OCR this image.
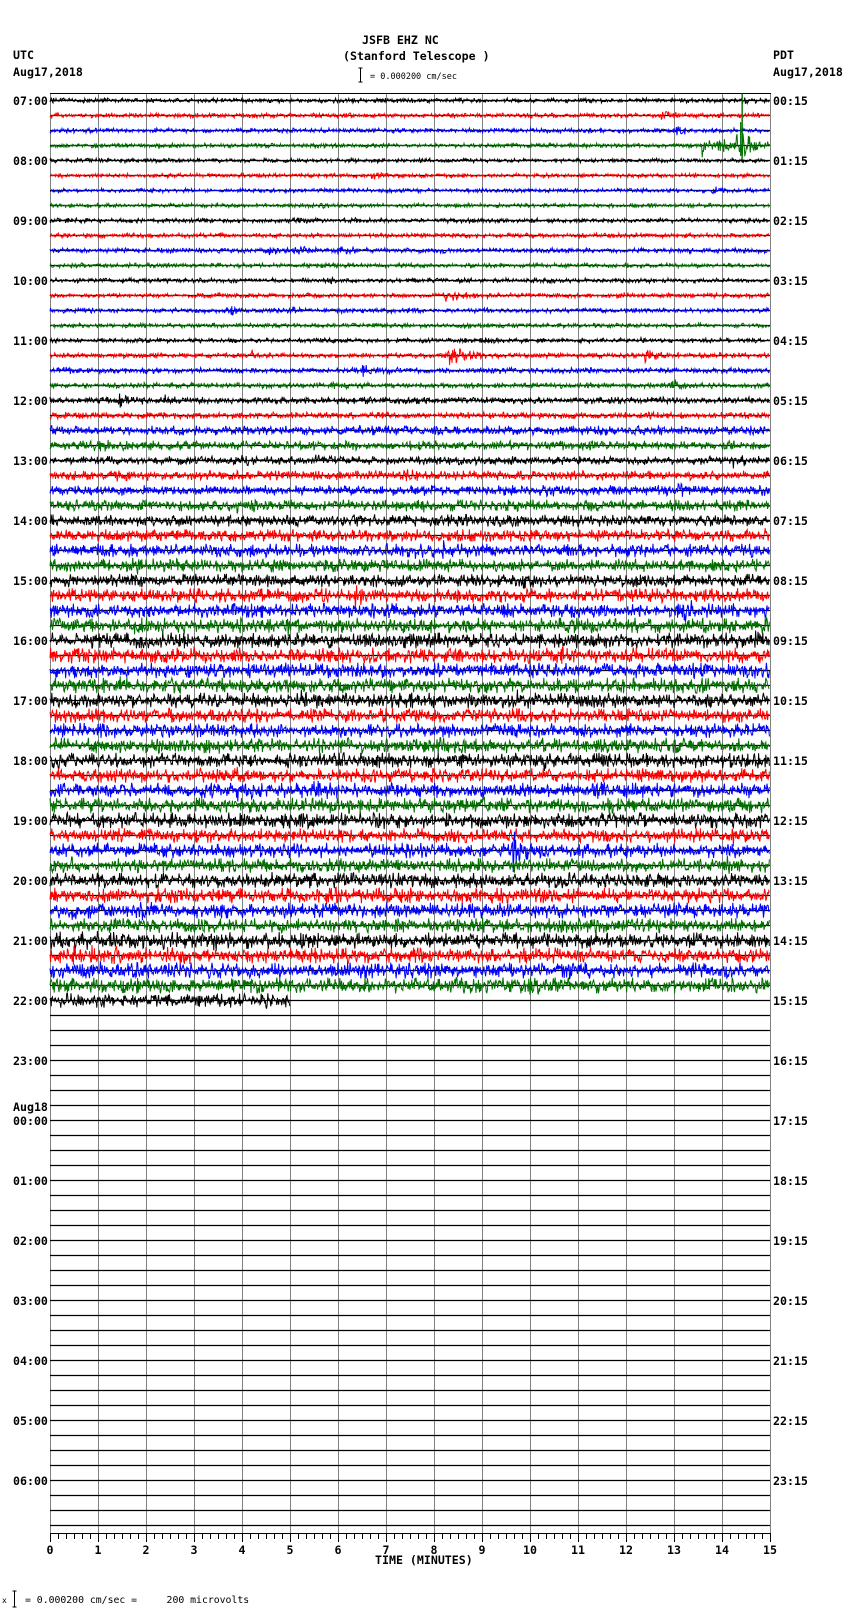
JSFB EHZ NC
(Stanford Telescope )
= 0.000200 cm/sec
UTC
Aug17,2018
PDT
Aug17,2018
07:00
08:00
09:00
10:00
11:00
12:00
13:00
14:00
15:00
16:00
17:00
18:00
19:00
20:00
21:00
22:00
23:00
Aug18
00:00
01:00
02:00
03:00
04:00
05:00
06:00
00:15
01:15
02:15
03:15
04:15
05:15
06:15
07:15
08:15
09:15
10:15
11:15
12:15
13:15
14:15
15:15
16:15
17:15
18:15
19:15
20:15
21:15
22:15
23:15
0	1	2	3	4	5	6	7	8	9	10	11	12	13	14	15
TIME (MINUTES)
x = 0.000200 cm/sec =     200 microvolts
